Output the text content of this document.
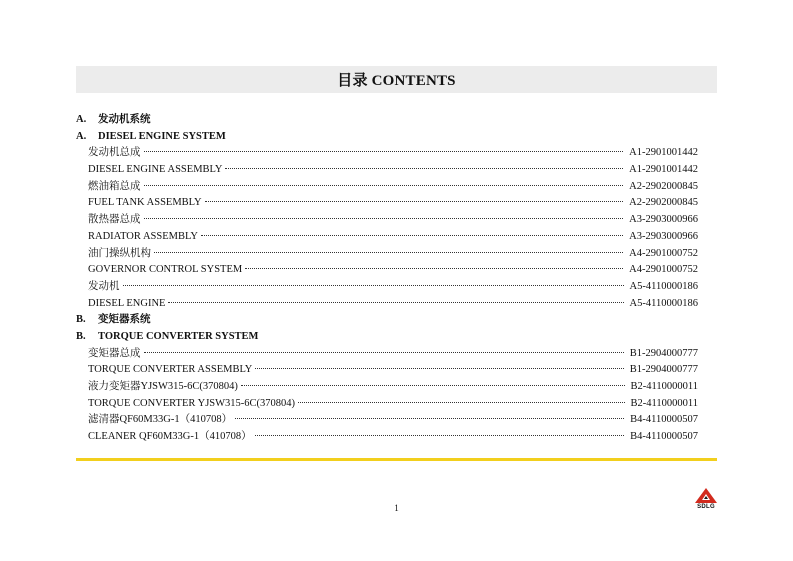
目录 CONTENTS
A.	发动机系统
A.	DIESEL ENGINE SYSTEM
发动机总成	A1-2901001442
DIESEL ENGINE ASSEMBLY	A1-2901001442
燃油箱总成	A2-2902000845
FUEL TANK ASSEMBLY	A2-2902000845
散热器总成	A3-2903000966
RADIATOR ASSEMBLY	A3-2903000966
油门操纵机构	A4-2901000752
GOVERNOR CONTROL SYSTEM	A4-2901000752
发动机	A5-4110000186
DIESEL ENGINE	A5-4110000186
B.	变矩器系统
B.	TORQUE CONVERTER SYSTEM
变矩器总成	B1-2904000777
TORQUE CONVERTER ASSEMBLY	B1-2904000777
液力变矩器YJSW315-6C(370804)	B2-4110000011
TORQUE CONVERTER YJSW315-6C(370804)	B2-4110000011
滤清器QF60M33G-1（410708）	B4-4110000507
CLEANER QF60M33G-1（410708）	B4-4110000507
1	SDLG
